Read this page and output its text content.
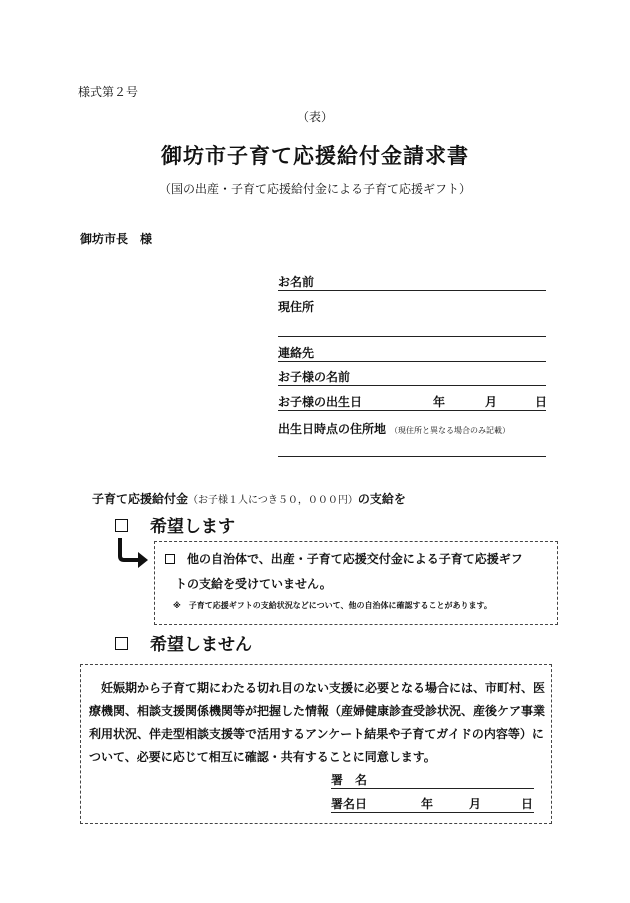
様式第２号
（表）
御坊市子育て応援給付金請求書
（国の出産・子育て応援給付金による子育て応援ギフト）
御坊市長　様
お名前
現住所
連絡先
お子様の名前
お子様の出生日	年	月	日
出生日時点の住所地 （現住所と異なる場合のみ記載）
子育て応援給付金（お子様１人につき５０，０００円）の支給を
希望します
他の自治体で、出産・子育て応援交付金による子育て応援ギフ
トの支給を受けていません。
※　子育て応援ギフトの支給状況などについて、他の自治体に確認することがあります。
希望しません
妊娠期から子育て期にわたる切れ目のない支援に必要となる場合には、市町村、医療機関、相談支援関係機関等が把握した情報（産婦健康診査受診状況、産後ケア事業利用状況、伴走型相談支援等で活用するアンケート結果や子育てガイドの内容等）について、必要に応じて相互に確認・共有することに同意します。
署　名
署名日	年	月	日
